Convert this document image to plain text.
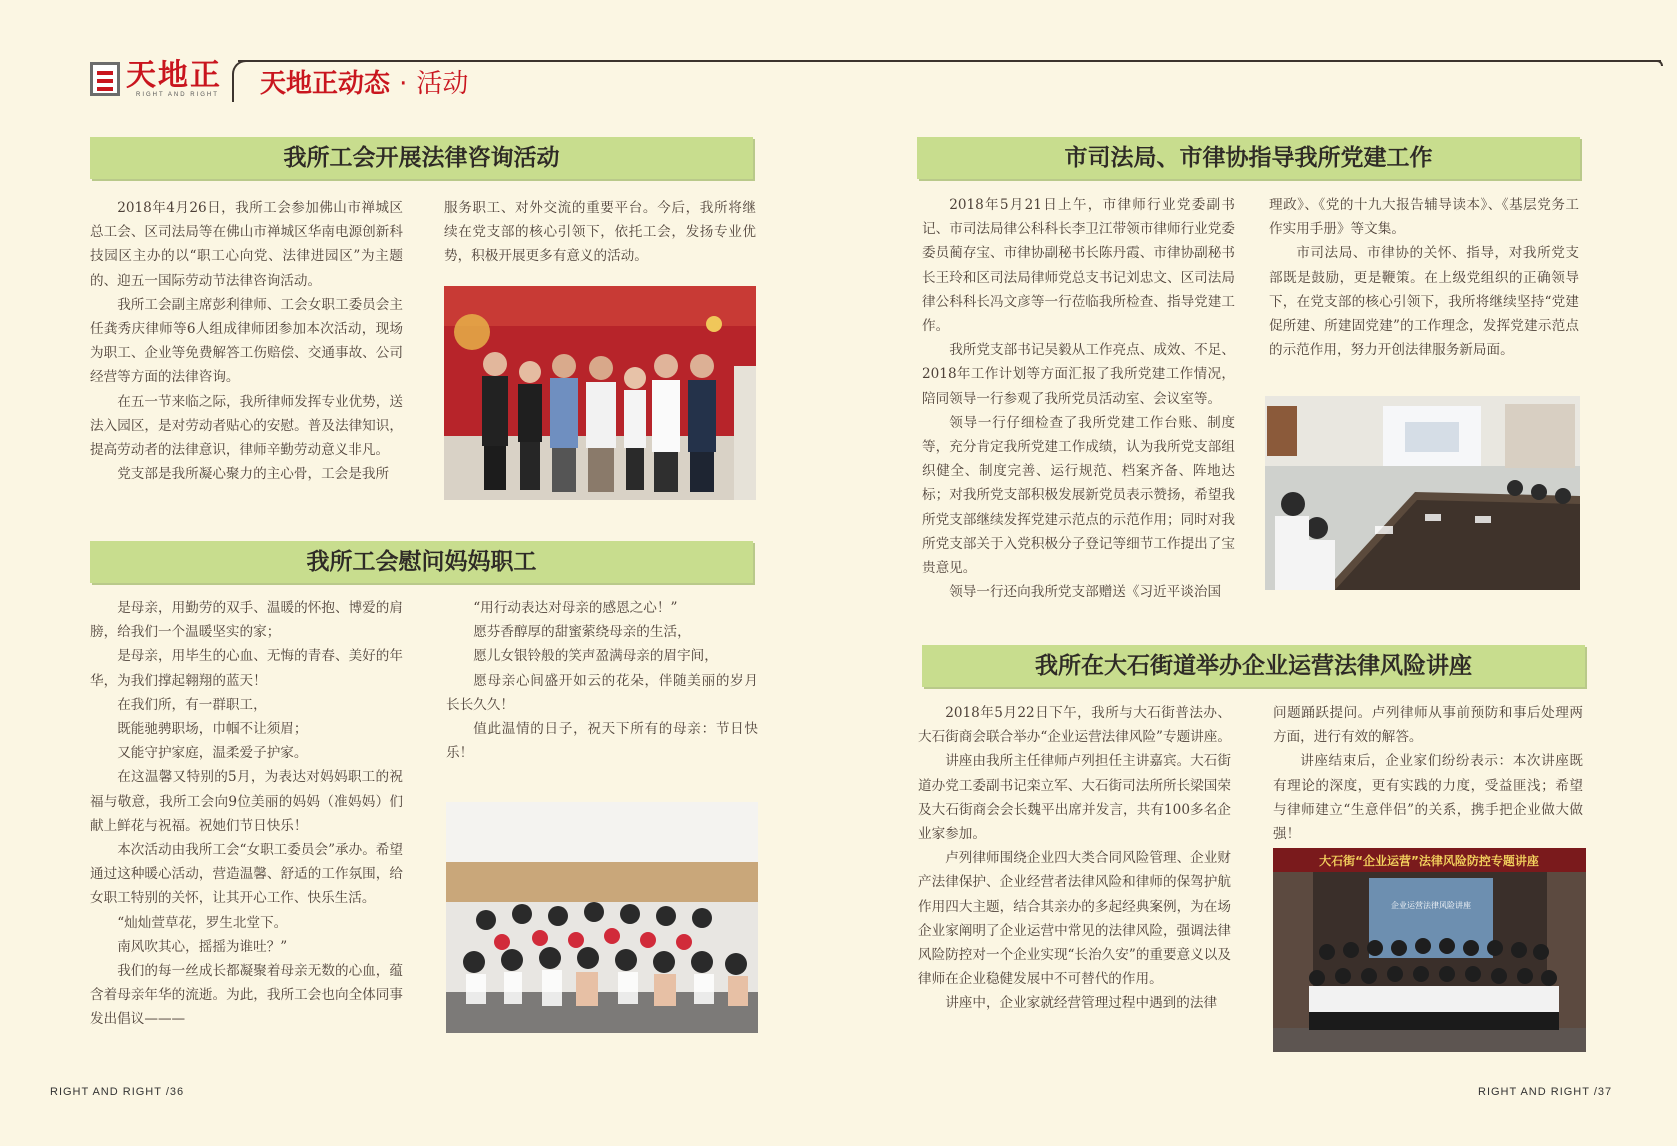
天地正
RIGHT AND RIGHT 天地正动态 · 活动
我所工会开展法律咨询活动

2018年4月26日，我所工会参加佛山市禅城区总工会、区司法局等在佛山市禅城区华南电源创新科技园区主办的以“职工心向党、法律进园区”为主题的、迎五一国际劳动节法律咨询活动。

我所工会副主席彭利律师、工会女职工委员会主任龚秀庆律师等6人组成律师团参加本次活动，现场为职工、企业等免费解答工伤赔偿、交通事故、公司经营等方面的法律咨询。

在五一节来临之际，我所律师发挥专业优势，送法入园区，是对劳动者贴心的安慰。普及法律知识，提高劳动者的法律意识，律师辛勤劳动意义非凡。

党支部是我所凝心聚力的主心骨，工会是我所

服务职工、对外交流的重要平台。今后，我所将继续在党支部的核心引领下，依托工会，发扬专业优势，积极开展更多有意义的活动。

我所工会慰问妈妈职工

是母亲，用勤劳的双手、温暖的怀抱、博爱的肩膀，给我们一个温暖坚实的家；

是母亲，用毕生的心血、无悔的青春、美好的年华，为我们撑起翱翔的蓝天！

在我们所，有一群职工，

既能驰骋职场，巾帼不让须眉；

又能守护家庭，温柔爱子护家。

在这温馨又特别的5月，为表达对妈妈职工的祝福与敬意，我所工会向9位美丽的妈妈（准妈妈）们献上鲜花与祝福。祝她们节日快乐！

本次活动由我所工会“女职工委员会”承办。希望通过这种暖心活动，营造温馨、舒适的工作氛围，给女职工特别的关怀，让其开心工作、快乐生活。

“灿灿萱草花，罗生北堂下。

南风吹其心，摇摇为谁吐？”

我们的每一丝成长都凝聚着母亲无数的心血，蕴含着母亲年华的流逝。为此，我所工会也向全体同事发出倡议———

“用行动表达对母亲的感恩之心！”

愿芬香醇厚的甜蜜萦绕母亲的生活，

愿儿女银铃般的笑声盈满母亲的眉宇间，

愿母亲心间盛开如云的花朵，伴随美丽的岁月长长久久！

值此温情的日子，祝天下所有的母亲：节日快乐！

市司法局、市律协指导我所党建工作

2018年5月21日上午，市律师行业党委副书记、市司法局律公科科长李卫江带领市律师行业党委委员蔺存宝、市律协副秘书长陈丹霞、市律协副秘书长王玲和区司法局律师党总支书记刘忠文、区司法局律公科科长冯文彦等一行莅临我所检查、指导党建工作。

我所党支部书记吴毅从工作亮点、成效、不足、2018年工作计划等方面汇报了我所党建工作情况，陪同领导一行参观了我所党员活动室、会议室等。

领导一行仔细检查了我所党建工作台账、制度等，充分肯定我所党建工作成绩，认为我所党支部组织健全、制度完善、运行规范、档案齐备、阵地达标；对我所党支部积极发展新党员表示赞扬，希望我所党支部继续发挥党建示范点的示范作用；同时对我所党支部关于入党积极分子登记等细节工作提出了宝贵意见。

领导一行还向我所党支部赠送《习近平谈治国

理政》、《党的十九大报告辅导读本》、《基层党务工作实用手册》等文集。

市司法局、市律协的关怀、指导，对我所党支部既是鼓励，更是鞭策。在上级党组织的正确领导下，在党支部的核心引领下，我所将继续坚持“党建促所建、所建固党建”的工作理念，发挥党建示范点的示范作用，努力开创法律服务新局面。

我所在大石街道举办企业运营法律风险讲座

2018年5月22日下午，我所与大石街普法办、大石街商会联合举办“企业运营法律风险”专题讲座。

讲座由我所主任律师卢列担任主讲嘉宾。大石街道办党工委副书记栾立军、大石街司法所所长梁国荣及大石街商会会长魏平出席并发言，共有100多名企业家参加。

卢列律师围绕企业四大类合同风险管理、企业财产法律保护、企业经营者法律风险和律师的保驾护航作用四大主题，结合其亲办的多起经典案例，为在场企业家阐明了企业运营中常见的法律风险，强调法律风险防控对一个企业实现“长治久安”的重要意义以及律师在企业稳健发展中不可替代的作用。

讲座中，企业家就经营管理过程中遇到的法律

问题踊跃提问。卢列律师从事前预防和事后处理两方面，进行有效的解答。

讲座结束后，企业家们纷纷表示：本次讲座既有理论的深度，更有实践的力度，受益匪浅；希望与律师建立“生意伴侣”的关系，携手把企业做大做强！

大石街“企业运营”法律风险防控专题讲座
企业运营法律风险讲座
RIGHT AND RIGHT /36	RIGHT AND RIGHT /37
